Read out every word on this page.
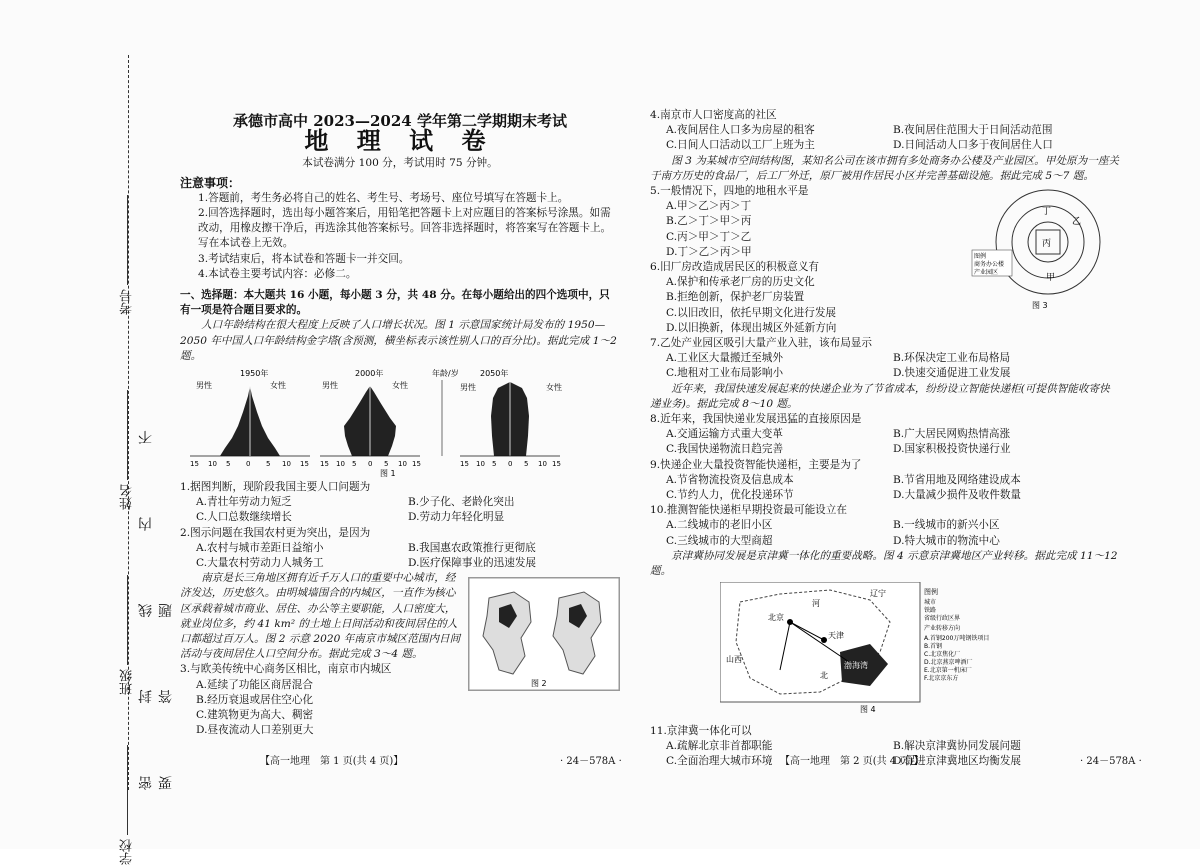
考号
姓名
班级
学校
密 封 线 内 不 要 答 题
承德市高中 2023—2024 学年第二学期期末考试
地 理 试 卷
本试卷满分 100 分，考试用时 75 分钟。
注意事项：
1.答题前，考生务必将自己的姓名、考生号、考场号、座位号填写在答题卡上。
2.回答选择题时，选出每小题答案后，用铅笔把答题卡上对应题目的答案标号涂黑。如需改动，用橡皮擦干净后，再选涂其他答案标号。回答非选择题时，将答案写在答题卡上。写在本试卷上无效。
3.考试结束后，将本试卷和答题卡一并交回。
4.本试卷主要考试内容：必修二。
一、选择题：本大题共 16 小题，每小题 3 分，共 48 分。在每小题给出的四个选项中，只有一项是符合题目要求的。
人口年龄结构在很大程度上反映了人口增长状况。图 1 示意国家统计局发布的 1950—2050 年中国人口年龄结构金字塔(含预测，横坐标表示该性别人口的百分比)。据此完成 1～2 题。
1950年
男性	女性
2000年
男性	女性
年龄/岁	2050年
男性	女性
15 10 5 0 5 10 15 15 10 5 0 5 10 15	15 10 5 0 5 10 15
图 1
1.据图判断，现阶段我国主要人口问题为
A.青壮年劳动力短乏	B.少子化、老龄化突出
C.人口总数继续增长	D.劳动力年轻化明显
2.图示问题在我国农村更为突出，是因为
A.农村与城市差距日益缩小	B.我国惠农政策推行更彻底
C.大量农村劳动力人城务工	D.医疗保障事业的迅速发展
南京是长三角地区拥有近千万人口的重要中心城市，经济发达，历史悠久。由明城墙围合的内城区，一直作为核心区承载着城市商业、居住、办公等主要职能，人口密度大，就业岗位多，约 41 km² 的土地上日间活动和夜间居住的人口都超过百万人。图 2 示意 2020 年南京市城区范围内日间活动与夜间居住人口空间分布。据此完成 3～4 题。
3.与欧美传统中心商务区相比，南京市内城区
A.延续了功能区商居混合
B.经历衰退或居住空心化
C.建筑物更为高大、稠密
D.昼夜流动人口差别更大
图 2
【高一地理　第 1 页(共 4 页)】	· 24－578A ·
4.南京市人口密度高的社区
A.夜间居住人口多为房屋的租客	B.夜间居住范围大于日间活动范围
C.日间人口活动以工厂上班为主	D.日间活动人口多于夜间居住人口
图 3 为某城市空间结构图，某知名公司在该市拥有多处商务办公楼及产业园区。甲处原为一座关于南方历史的食品厂，后工厂外迁，原厂被用作居民小区并完善基础设施。据此完成 5～7 题。
5.一般情况下，四地的地租水平是
A.甲＞乙＞丙＞丁
B.乙＞丁＞甲＞丙
C.丙＞甲＞丁＞乙
D.丁＞乙＞丙＞甲
6.旧厂房改造成居民区的积极意义有
A.保护和传承老厂房的历史文化
B.拒绝创新，保护老厂房装置
C.以旧改旧，依托早期文化进行发展
D.以旧换新，体现出城区外延新方向
丁
乙
丙
甲
图例
商务办公楼
产业园区
图 3
7.乙处产业园区吸引大量产业入驻，该布局显示
A.工业区大量搬迁至城外	B.环保决定工业布局格局
C.地租对工业布局影响小	D.快速交通促进工业发展
近年来，我国快速发展起来的快递企业为了节省成本，纷纷设立智能快递柜(可提供智能收寄快递业务)。据此完成 8～10 题。
8.近年来，我国快递业发展迅猛的直接原因是
A.交通运输方式重大变革	B.广大居民网购热情高涨
C.我国快递物流日趋完善	D.国家积极投资快递行业
9.快递企业大量投资智能快递柜，主要是为了
A.节省物流投资及信息成本	B.节省用地及网络建设成本
C.节约人力，优化投递环节	D.大量减少损件及收件数量
10.推测智能快递柜早期投资最可能设立在
A.二线城市的老旧小区	B.一线城市的新兴小区
C.三线城市的大型商超	D.特大城市的物流中心
京津冀协同发展是京津冀一体化的重要战略。图 4 示意京津冀地区产业转移。据此完成 11～12 题。
辽宁
北京
天津
渤海湾
河
北
山西
图例
城市
铁路
省级行政区界
产业转移方向
A.首钢200万吨钢铁项目
B.首钢
C.北京焦化厂
D.北京燕京啤酒厂
E.北京第一机床厂
F.北京京东方
图 4
11.京津冀一体化可以
A.疏解北京非首都职能	B.解决京津冀协同发展问题
C.全面治理大城市环境	D.促进京津冀地区均衡发展
【高一地理　第 2 页(共 4 页)】	· 24－578A ·
